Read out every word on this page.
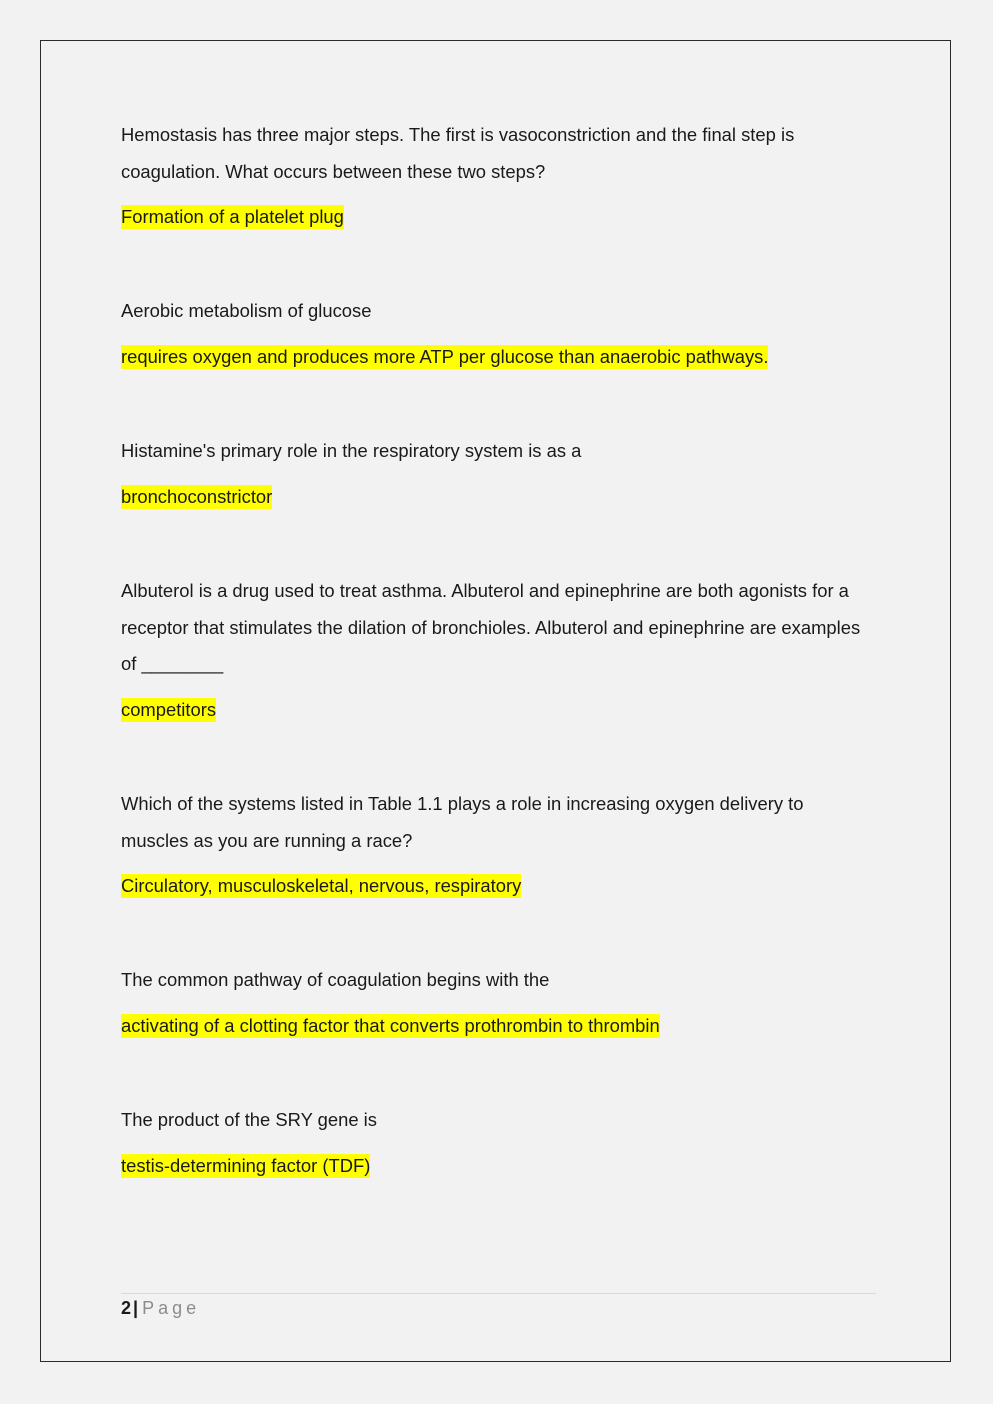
Hemostasis has three major steps. The first is vasoconstriction and the final step is coagulation. What occurs between these two steps?

Formation of a platelet plug

Aerobic metabolism of glucose

requires oxygen and produces more ATP per glucose than anaerobic pathways.

Histamine's primary role in the respiratory system is as a

bronchoconstrictor

Albuterol is a drug used to treat asthma. Albuterol and epinephrine are both agonists for a receptor that stimulates the dilation of bronchioles. Albuterol and epinephrine are examples of ________

competitors

Which of the systems listed in Table 1.1 plays a role in increasing oxygen delivery to muscles as you are running a race?

Circulatory, musculoskeletal, nervous, respiratory

The common pathway of coagulation begins with the

activating of a clotting factor that converts prothrombin to thrombin

The product of the SRY gene is

testis-determining factor (TDF)
2 | Page
